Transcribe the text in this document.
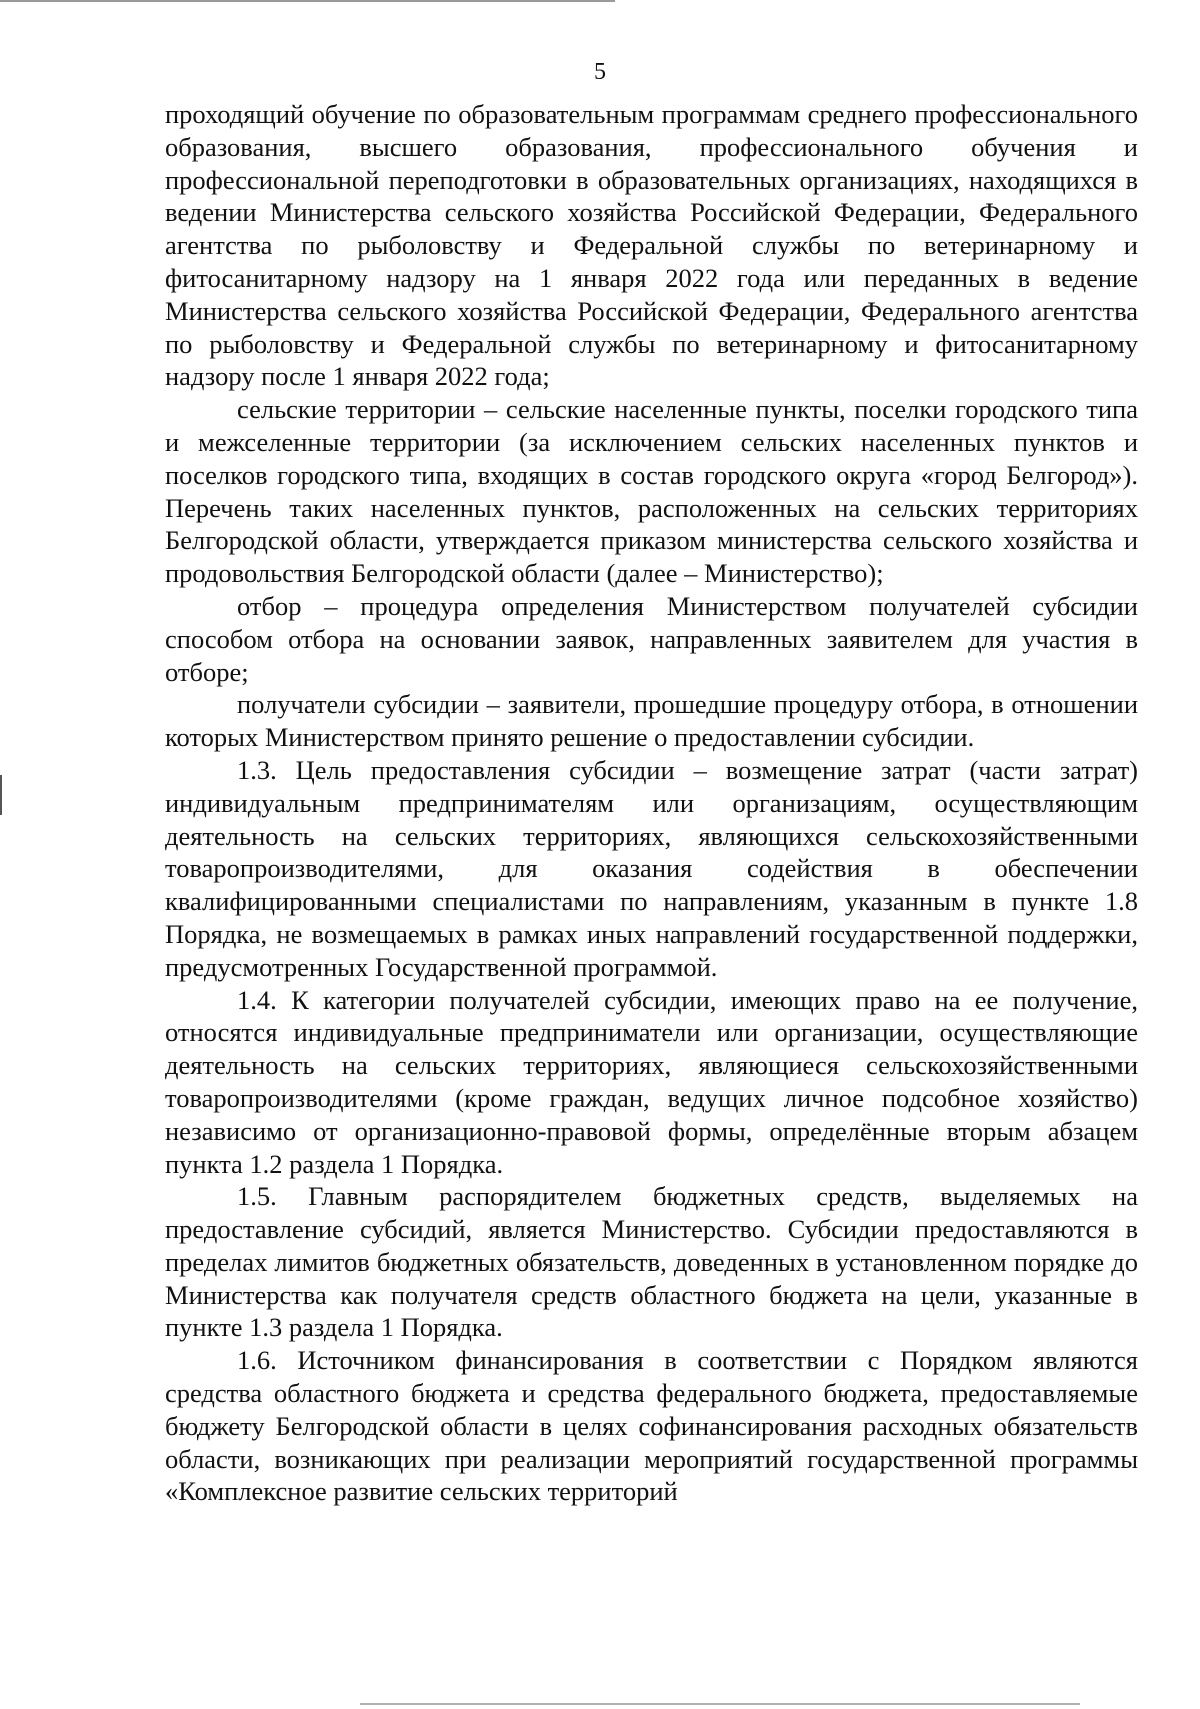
5

проходящий обучение по образовательным программам среднего профессионального образования, высшего образования, профессионального обучения и профессиональной переподготовки в образовательных организациях, находящихся в ведении Министерства сельского хозяйства Российской Федерации, Федерального агентства по рыболовству и Федеральной службы по ветеринарному и фитосанитарному надзору на 1 января 2022 года или переданных в ведение Министерства сельского хозяйства Российской Федерации, Федерального агентства по рыболовству и Федеральной службы по ветеринарному и фитосанитарному надзору после 1 января 2022 года;

сельские территории – сельские населенные пункты, поселки городского типа и межселенные территории (за исключением сельских населенных пунктов и поселков городского типа, входящих в состав городского округа «город Белгород»). Перечень таких населенных пунктов, расположенных на сельских территориях Белгородской области, утверждается приказом министерства сельского хозяйства и продовольствия Белгородской области (далее – Министерство);

отбор – процедура определения Министерством получателей субсидии способом отбора на основании заявок, направленных заявителем для участия в отборе;

получатели субсидии – заявители, прошедшие процедуру отбора, в отношении которых Министерством принято решение о предоставлении субсидии.

1.3. Цель предоставления субсидии – возмещение затрат (части затрат) индивидуальным предпринимателям или организациям, осуществляющим деятельность на сельских территориях, являющихся сельскохозяйственными товаропроизводителями, для оказания содействия в обеспечении квалифицированными специалистами по направлениям, указанным в пункте 1.8 Порядка, не возмещаемых в рамках иных направлений государственной поддержки, предусмотренных Государственной программой.

1.4. К категории получателей субсидии, имеющих право на ее получение, относятся индивидуальные предприниматели или организации, осуществляющие деятельность на сельских территориях, являющиеся сельскохозяйственными товаропроизводителями (кроме граждан, ведущих личное подсобное хозяйство) независимо от организационно-правовой формы, определённые вторым абзацем пункта 1.2 раздела 1 Порядка.

1.5. Главным распорядителем бюджетных средств, выделяемых на предоставление субсидий, является Министерство. Субсидии предоставляются в пределах лимитов бюджетных обязательств, доведенных в установленном порядке до Министерства как получателя средств областного бюджета на цели, указанные в пункте 1.3 раздела 1 Порядка.

1.6. Источником финансирования в соответствии с Порядком являются средства областного бюджета и средства федерального бюджета, предоставляемые бюджету Белгородской области в целях софинансирования расходных обязательств области, возникающих при реализации мероприятий государственной программы «Комплексное развитие сельских территорий
